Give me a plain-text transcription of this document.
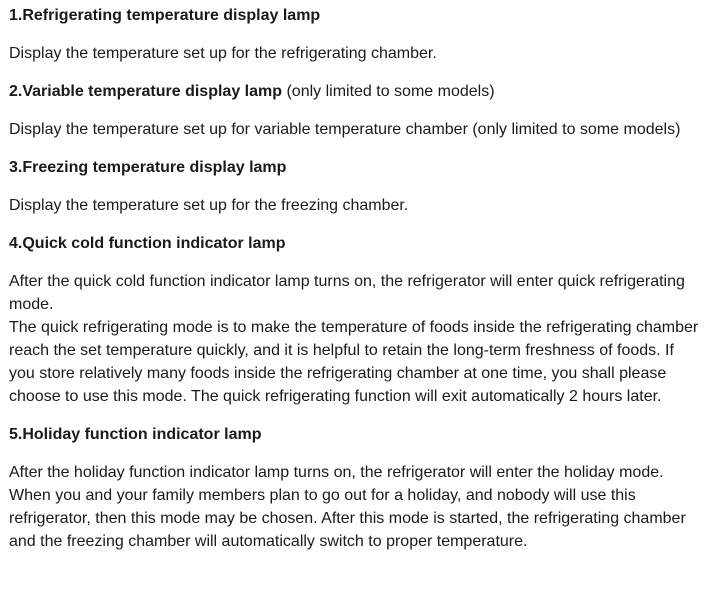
1.Refrigerating temperature display lamp
Display the temperature set up for the refrigerating chamber.
2.Variable temperature display lamp (only limited to some models)
Display the temperature set up for variable temperature chamber (only limited to some models)
3.Freezing temperature display lamp
Display the temperature set up for the freezing chamber.
4.Quick cold function indicator lamp
After the quick cold function indicator lamp turns on, the refrigerator will enter quick refrigerating mode.
The quick refrigerating mode is to make the temperature of foods inside the refrigerating chamber reach the set temperature quickly, and it is helpful to retain the long-term freshness of foods. If you store relatively many foods inside the refrigerating chamber at one time, you shall please choose to use this mode. The quick refrigerating function will exit automatically 2 hours later.
5.Holiday function indicator lamp
After the holiday function indicator lamp turns on, the refrigerator will enter the holiday mode.
When you and your family members plan to go out for a holiday, and nobody will use this refrigerator, then this mode may be chosen. After this mode is started, the refrigerating chamber and the freezing chamber will automatically switch to proper temperature.
